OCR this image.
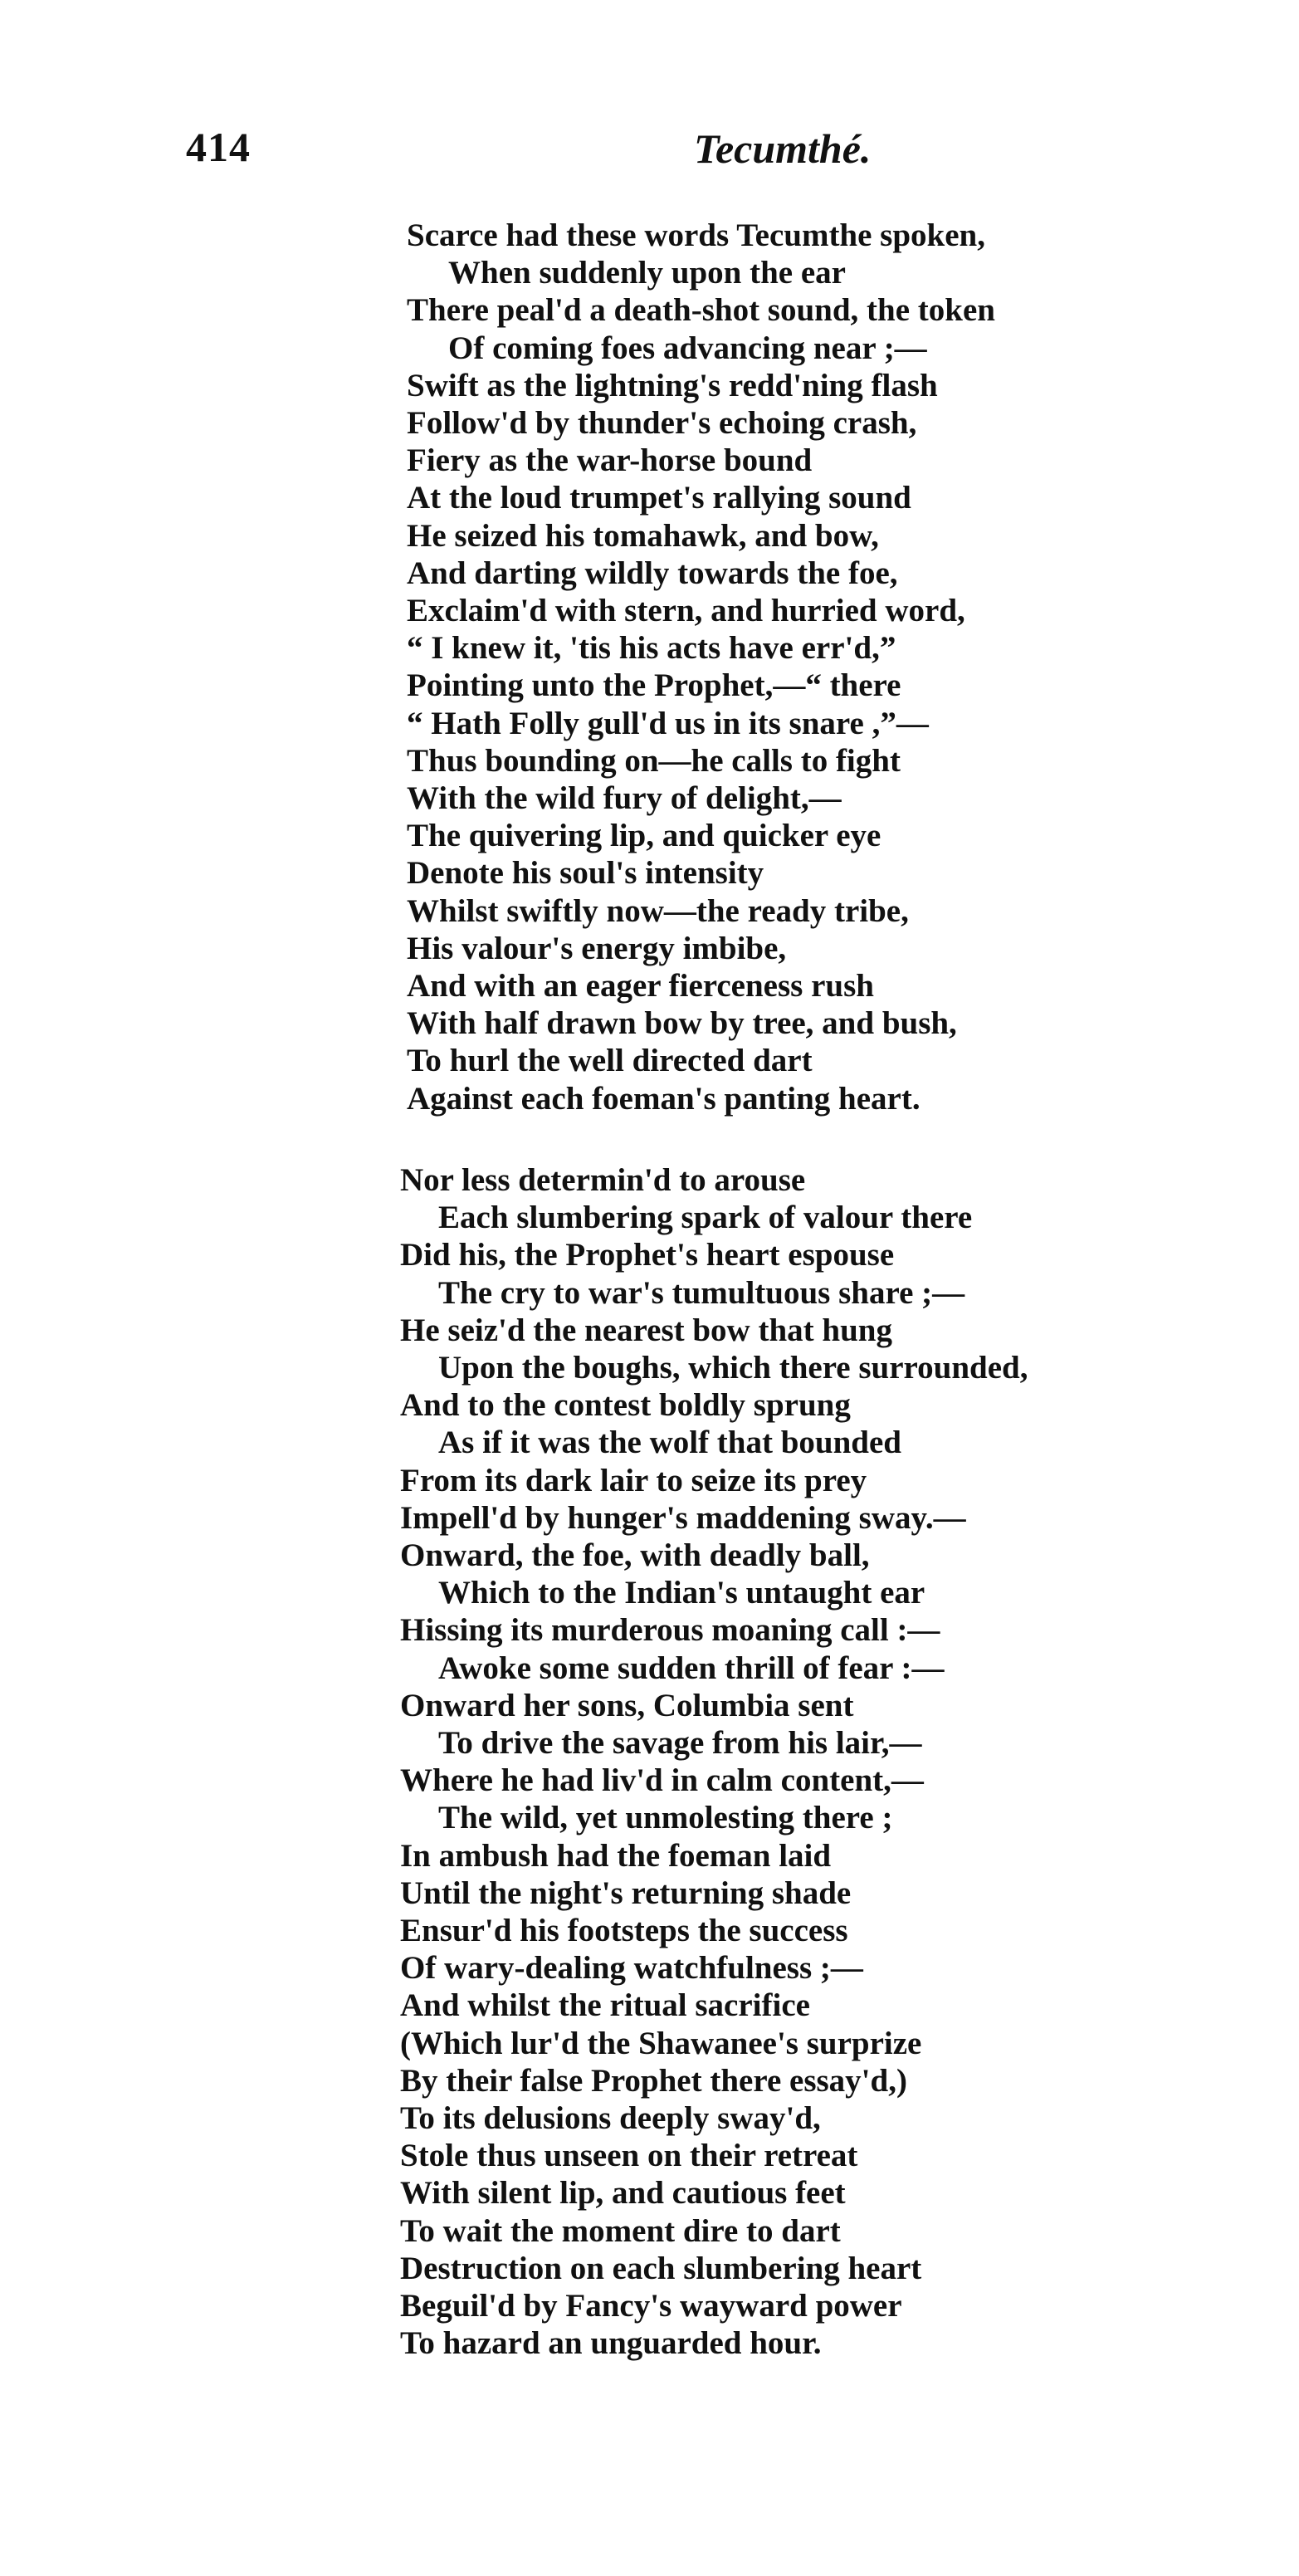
414	Tecumthé.
Scarce had these words Tecumthe spoken,
When suddenly upon the ear
There peal'd a death-shot sound, the token
Of coming foes advancing near ;—
Swift as the lightning's redd'ning flash
Follow'd by thunder's echoing crash,
Fiery as the war-horse bound
At the loud trumpet's rallying sound
He seized his tomahawk, and bow,
And darting wildly towards the foe,
Exclaim'd with stern, and hurried word,
“ I knew it, 'tis his acts have err'd,”
Pointing unto the Prophet,—“ there
“ Hath Folly gull'd us in its snare ,”—
Thus bounding on—he calls to fight
With the wild fury of delight,—
The quivering lip, and quicker eye
Denote his soul's intensity
Whilst swiftly now—the ready tribe,
His valour's energy imbibe,
And with an eager fierceness rush
With half drawn bow by tree, and bush,
To hurl the well directed dart
Against each foeman's panting heart.
Nor less determin'd to arouse
Each slumbering spark of valour there
Did his, the Prophet's heart espouse
The cry to war's tumultuous share ;—
He seiz'd the nearest bow that hung
Upon the boughs, which there surrounded,
And to the contest boldly sprung
As if it was the wolf that bounded
From its dark lair to seize its prey
Impell'd by hunger's maddening sway.—
Onward, the foe, with deadly ball,
Which to the Indian's untaught ear
Hissing its murderous moaning call :—
Awoke some sudden thrill of fear :—
Onward her sons, Columbia sent
To drive the savage from his lair,—
Where he had liv'd in calm content,—
The wild, yet unmolesting there ;
In ambush had the foeman laid
Until the night's returning shade
Ensur'd his footsteps the success
Of wary-dealing watchfulness ;—
And whilst the ritual sacrifice
(Which lur'd the Shawanee's surprize
By their false Prophet there essay'd,)
To its delusions deeply sway'd,
Stole thus unseen on their retreat
With silent lip, and cautious feet
To wait the moment dire to dart
Destruction on each slumbering heart
Beguil'd by Fancy's wayward power
To hazard an unguarded hour.
